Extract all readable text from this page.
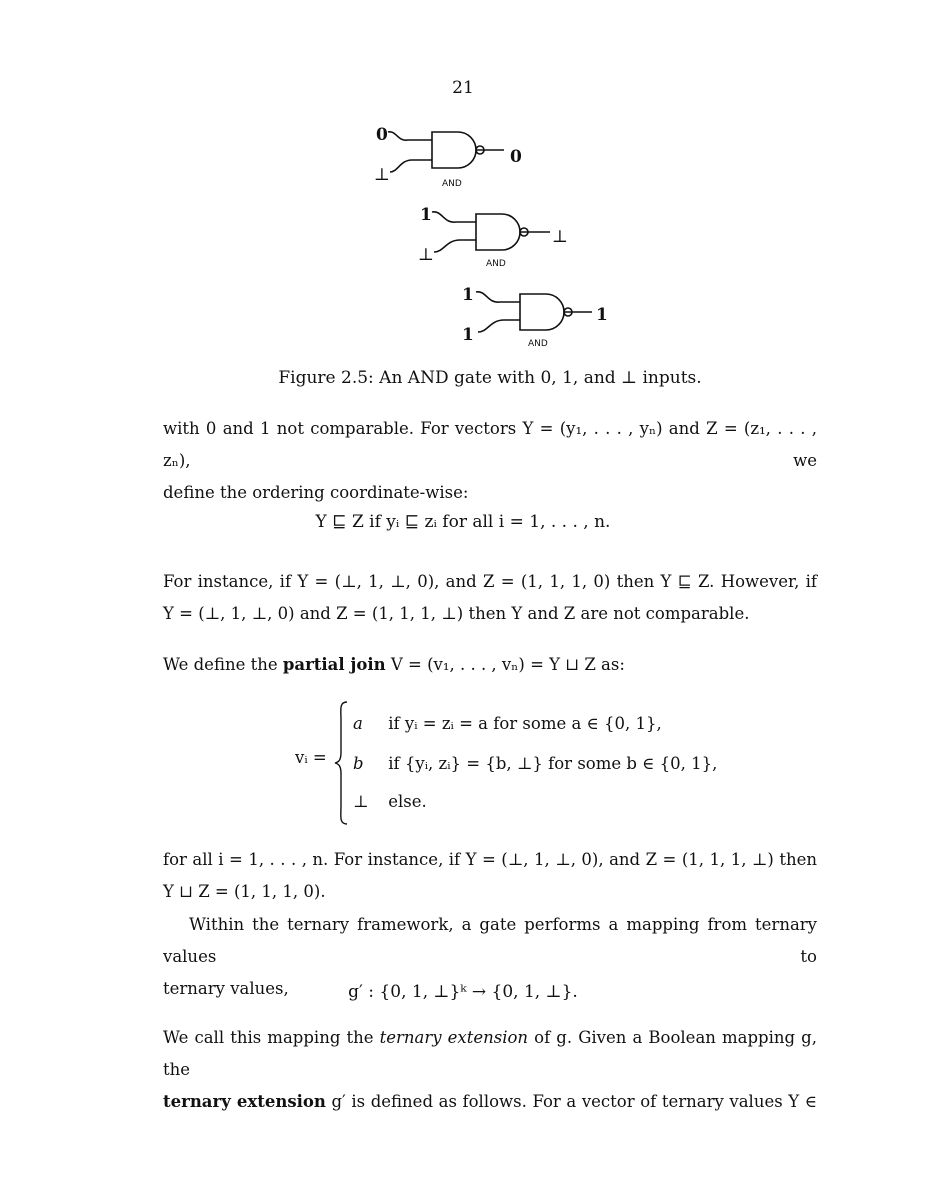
21
0
⊥
0
AND
1
⊥
⊥
AND
1
1
1
AND
Figure 2.5: An AND gate with 0, 1, and ⊥ inputs.
with 0 and 1 not comparable. For vectors Y = (y₁, . . . , yₙ) and Z = (z₁, . . . , zₙ), we
define the ordering coordinate-wise:
Y ⊑ Z if yᵢ ⊑ zᵢ for all i = 1, . . . , n.
For instance, if Y = (⊥, 1, ⊥, 0), and Z = (1, 1, 1, 0) then Y ⊑ Z. However, if
Y = (⊥, 1, ⊥, 0) and Z = (1, 1, 1, ⊥) then Y and Z are not comparable.
We define the partial join V = (v₁, . . . , vₙ) = Y ⊔ Z as:
vᵢ =
a if yᵢ = zᵢ = a for some a ∈ {0, 1},
b if {yᵢ, zᵢ} = {b, ⊥} for some b ∈ {0, 1},
⊥ else.
for all i = 1, . . . , n. For instance, if Y = (⊥, 1, ⊥, 0), and Z = (1, 1, 1, ⊥) then
Y ⊔ Z = (1, 1, 1, 0).
Within the ternary framework, a gate performs a mapping from ternary values to
ternary values,	g′ : {0, 1, ⊥}ᵏ → {0, 1, ⊥}.
We call this mapping the ternary extension of g. Given a Boolean mapping g, the
ternary extension g′ is defined as follows. For a vector of ternary values Y ∈
